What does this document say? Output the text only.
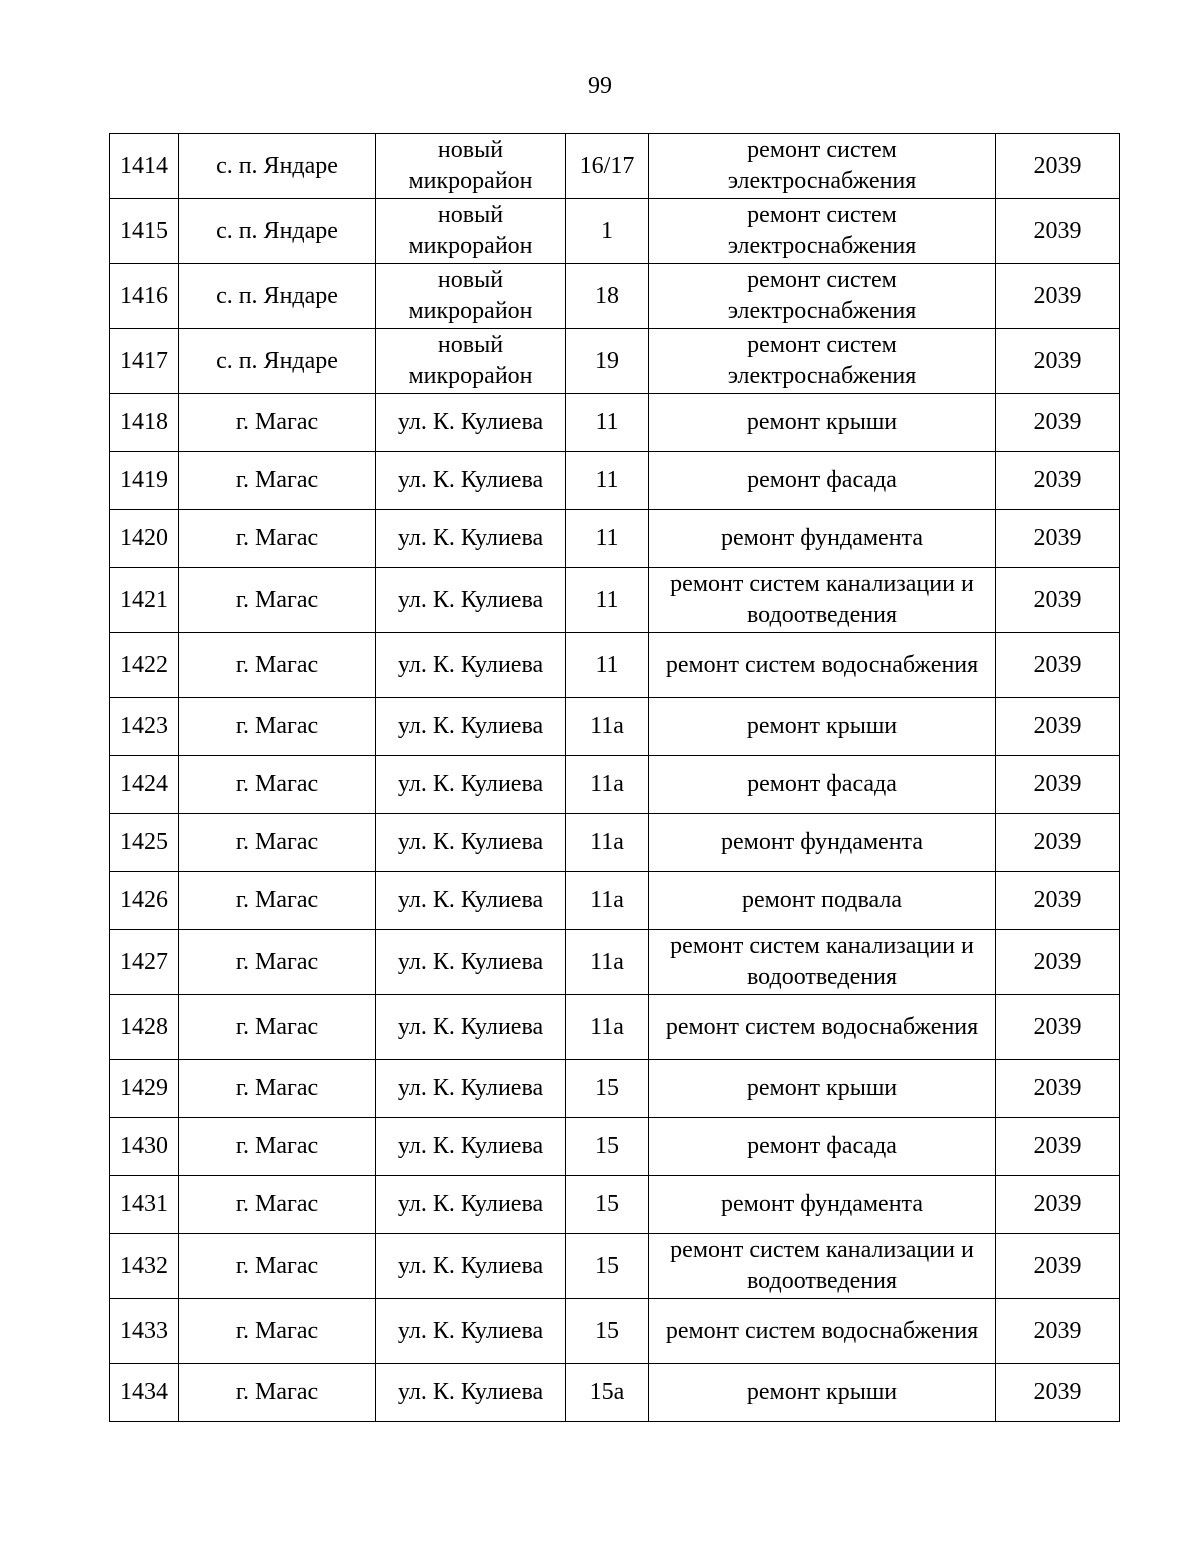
99
1414	с. п. Яндаре	новый микрорайон	16/17	ремонт систем электроснабжения	2039
1415	с. п. Яндаре	новый микрорайон	1	ремонт систем электроснабжения	2039
1416	с. п. Яндаре	новый микрорайон	18	ремонт систем электроснабжения	2039
1417	с. п. Яндаре	новый микрорайон	19	ремонт систем электроснабжения	2039
1418	г. Магас	ул. К. Кулиева	11	ремонт крыши	2039
1419	г. Магас	ул. К. Кулиева	11	ремонт фасада	2039
1420	г. Магас	ул. К. Кулиева	11	ремонт фундамента	2039
1421	г. Магас	ул. К. Кулиева	11	ремонт систем канализации и водоотведения	2039
1422	г. Магас	ул. К. Кулиева	11	ремонт систем водоснабжения	2039
1423	г. Магас	ул. К. Кулиева	11а	ремонт крыши	2039
1424	г. Магас	ул. К. Кулиева	11а	ремонт фасада	2039
1425	г. Магас	ул. К. Кулиева	11а	ремонт фундамента	2039
1426	г. Магас	ул. К. Кулиева	11а	ремонт подвала	2039
1427	г. Магас	ул. К. Кулиева	11а	ремонт систем канализации и водоотведения	2039
1428	г. Магас	ул. К. Кулиева	11а	ремонт систем водоснабжения	2039
1429	г. Магас	ул. К. Кулиева	15	ремонт крыши	2039
1430	г. Магас	ул. К. Кулиева	15	ремонт фасада	2039
1431	г. Магас	ул. К. Кулиева	15	ремонт фундамента	2039
1432	г. Магас	ул. К. Кулиева	15	ремонт систем канализации и водоотведения	2039
1433	г. Магас	ул. К. Кулиева	15	ремонт систем водоснабжения	2039
1434	г. Магас	ул. К. Кулиева	15а	ремонт крыши	2039
